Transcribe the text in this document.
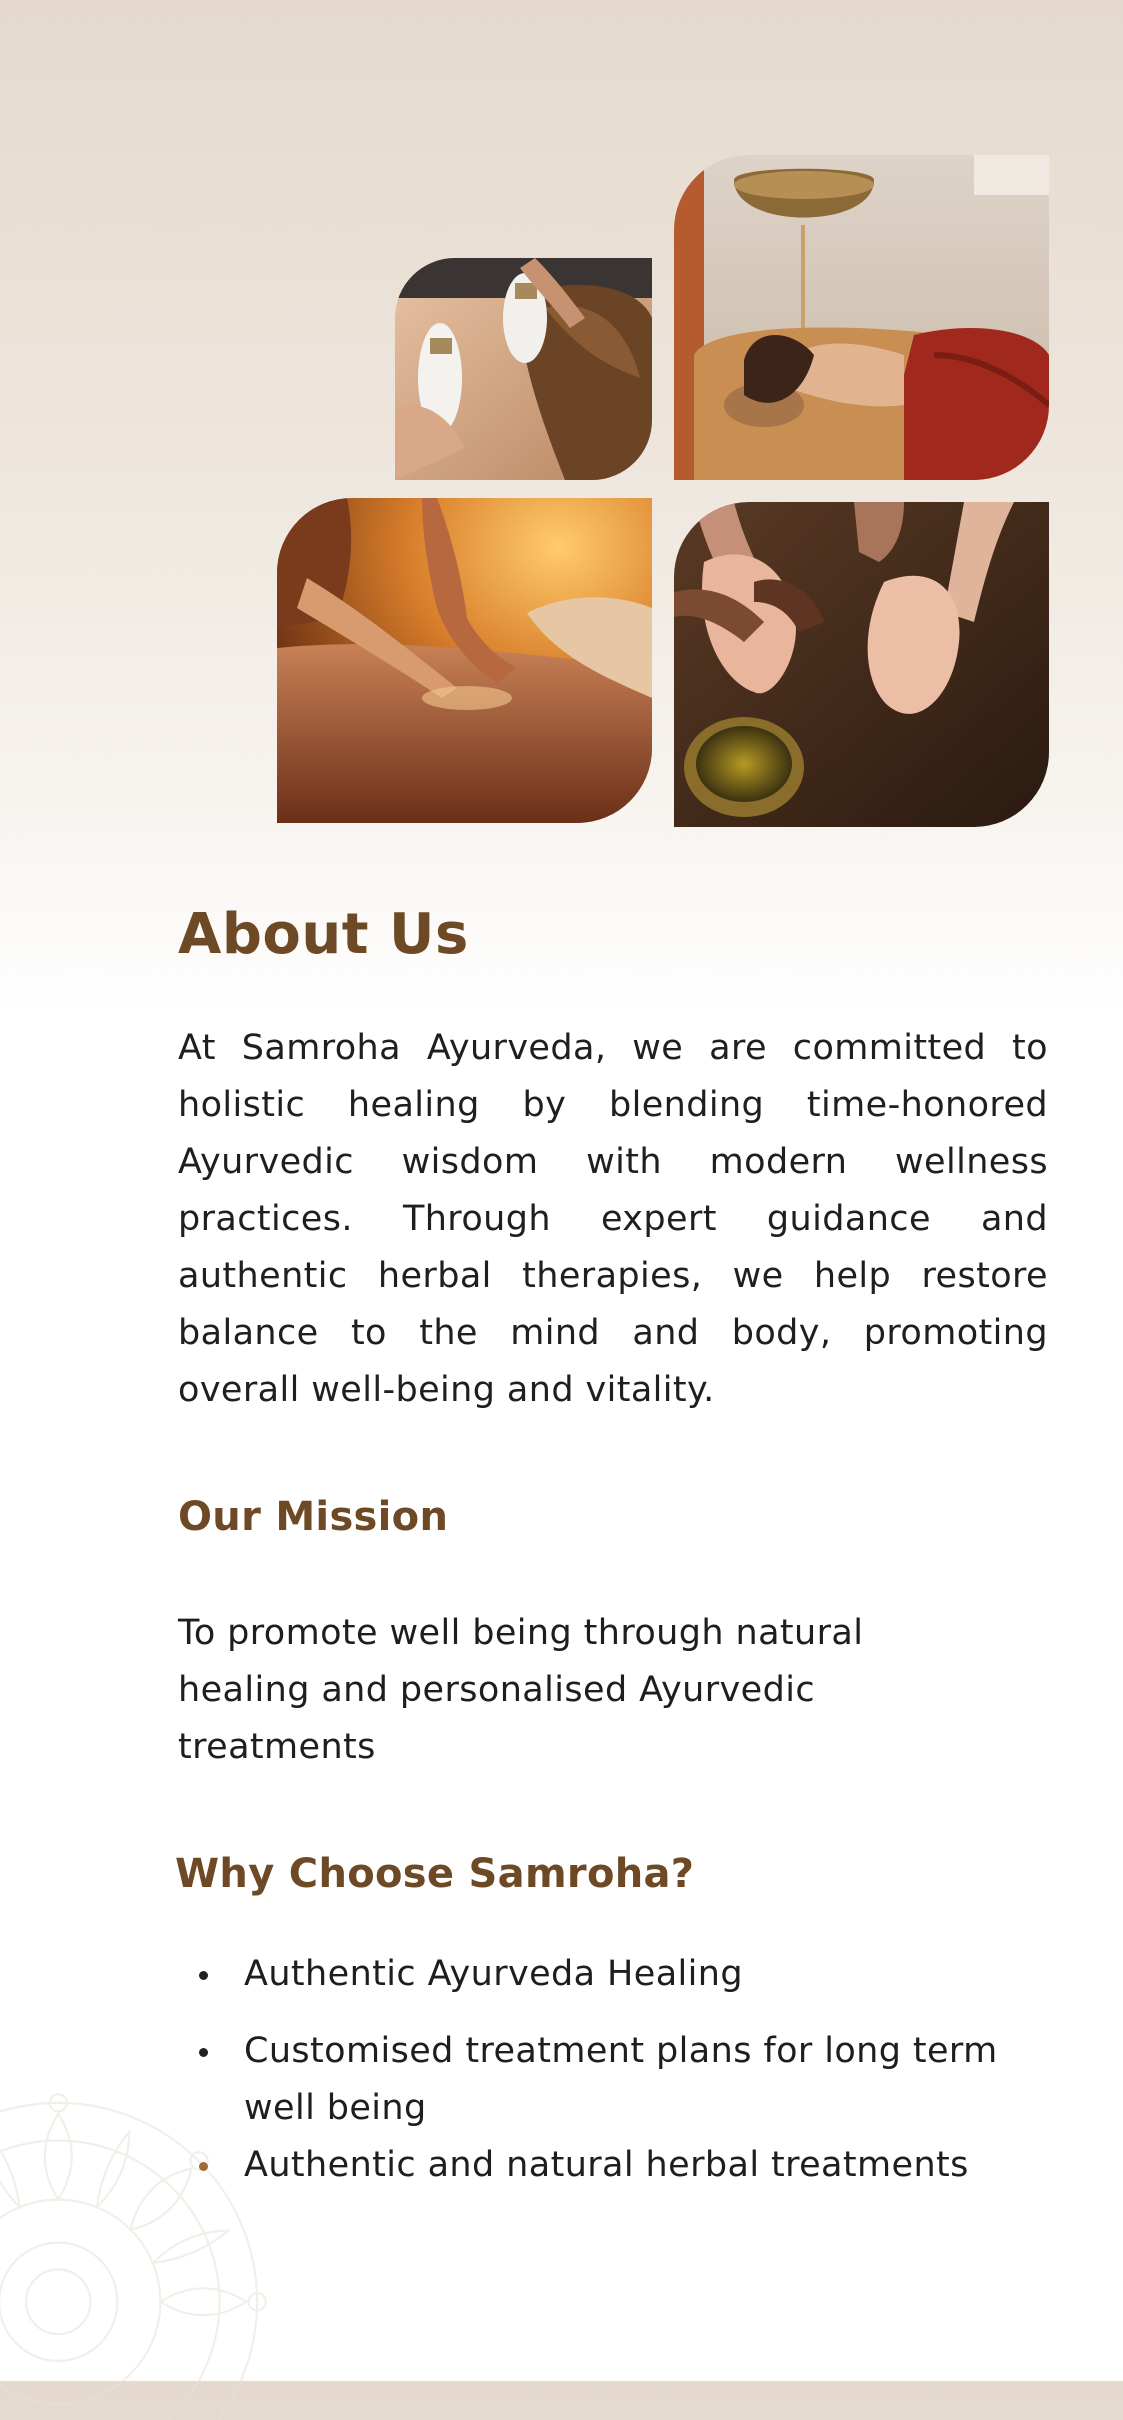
About Us

At Samroha Ayurveda, we are committed to holistic healing by blending time-honored Ayurvedic wisdom with modern wellness practices. Through expert guidance and authentic herbal therapies, we help restore balance to the mind and body, promoting overall well-being and vitality.

Our Mission

To promote well being through natural healing and personalised Ayurvedic treatments

Why Choose Samroha?
Authentic Ayurveda Healing
Customised treatment plans for long term well being
Authentic and natural herbal treatments
